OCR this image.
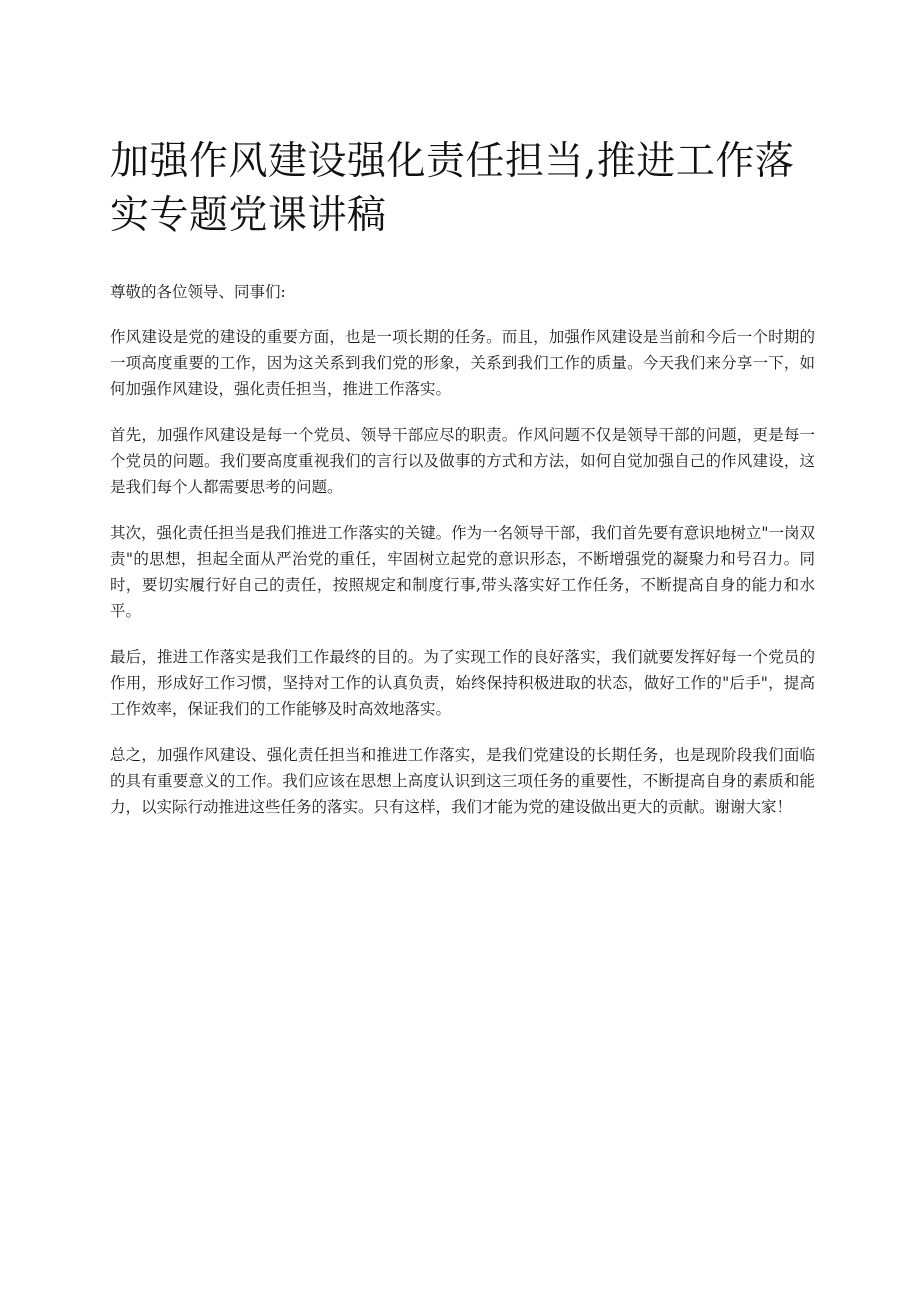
加强作风建设强化责任担当,推进工作落实专题党课讲稿

尊敬的各位领导、同事们:

作风建设是党的建设的重要方面，也是一项长期的任务。而且，加强作风建设是当前和今后一个时期的一项高度重要的工作，因为这关系到我们党的形象，关系到我们工作的质量。今天我们来分享一下，如何加强作风建设，强化责任担当，推进工作落实。

首先，加强作风建设是每一个党员、领导干部应尽的职责。作风问题不仅是领导干部的问题，更是每一个党员的问题。我们要高度重视我们的言行以及做事的方式和方法，如何自觉加强自己的作风建设，这是我们每个人都需要思考的问题。

其次，强化责任担当是我们推进工作落实的关键。作为一名领导干部，我们首先要有意识地树立"一岗双责"的思想，担起全面从严治党的重任，牢固树立起党的意识形态，不断增强党的凝聚力和号召力。同时，要切实履行好自己的责任，按照规定和制度行事,带头落实好工作任务，不断提高自身的能力和水平。

最后，推进工作落实是我们工作最终的目的。为了实现工作的良好落实，我们就要发挥好每一个党员的作用，形成好工作习惯，坚持对工作的认真负责，始终保持积极进取的状态，做好工作的"后手"，提高工作效率，保证我们的工作能够及时高效地落实。

总之，加强作风建设、强化责任担当和推进工作落实，是我们党建设的长期任务，也是现阶段我们面临的具有重要意义的工作。我们应该在思想上高度认识到这三项任务的重要性，不断提高自身的素质和能力，以实际行动推进这些任务的落实。只有这样，我们才能为党的建设做出更大的贡献。谢谢大家！
